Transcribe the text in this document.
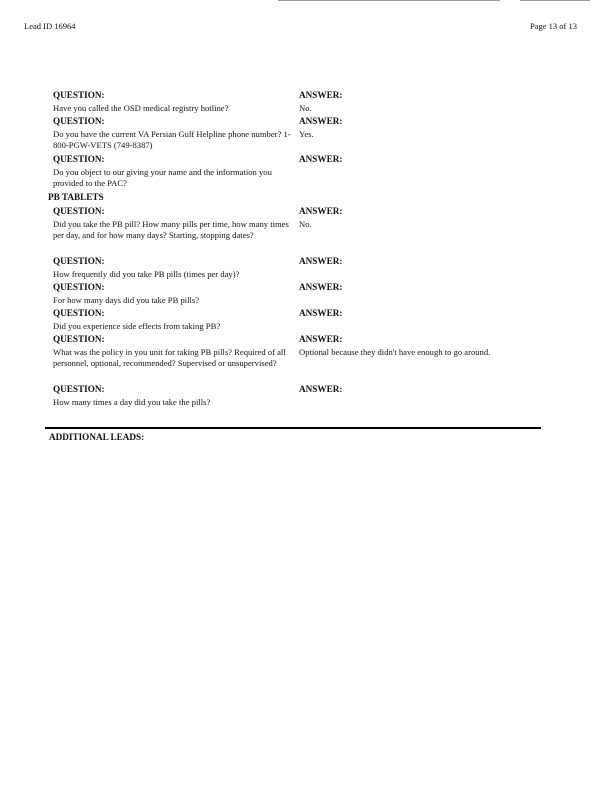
Lead ID 16964	Page 13 of 13
QUESTION:
Have you called the OSD medical registry hotline?
ANSWER:
No.
QUESTION:
Do you have the current VA Persian Gulf Helpline phone number? 1-800-PGW-VETS (749-8387)
ANSWER:
Yes.
QUESTION:
Do you object to our giving your name and the information you provided to the PAC?
ANSWER:
PB TABLETS
QUESTION:
Did you take the PB pill? How many pills per time, how many times per day, and for how many days? Starting, stopping dates?
ANSWER:
No.
QUESTION:
How frequently did you take PB pills (times per day)?
ANSWER:
QUESTION:
For how many days did you take PB pills?
ANSWER:
QUESTION:
Did you experience side effects from taking PB?
ANSWER:
QUESTION:
What was the policy in you unit for taking PB pills? Required of all personnel, optional, recommended? Supervised or unsupervised?
ANSWER:
Optional because they didn't have enough to go around.
QUESTION:
How many times a day did you take the pills?
ANSWER:
ADDITIONAL LEADS:
